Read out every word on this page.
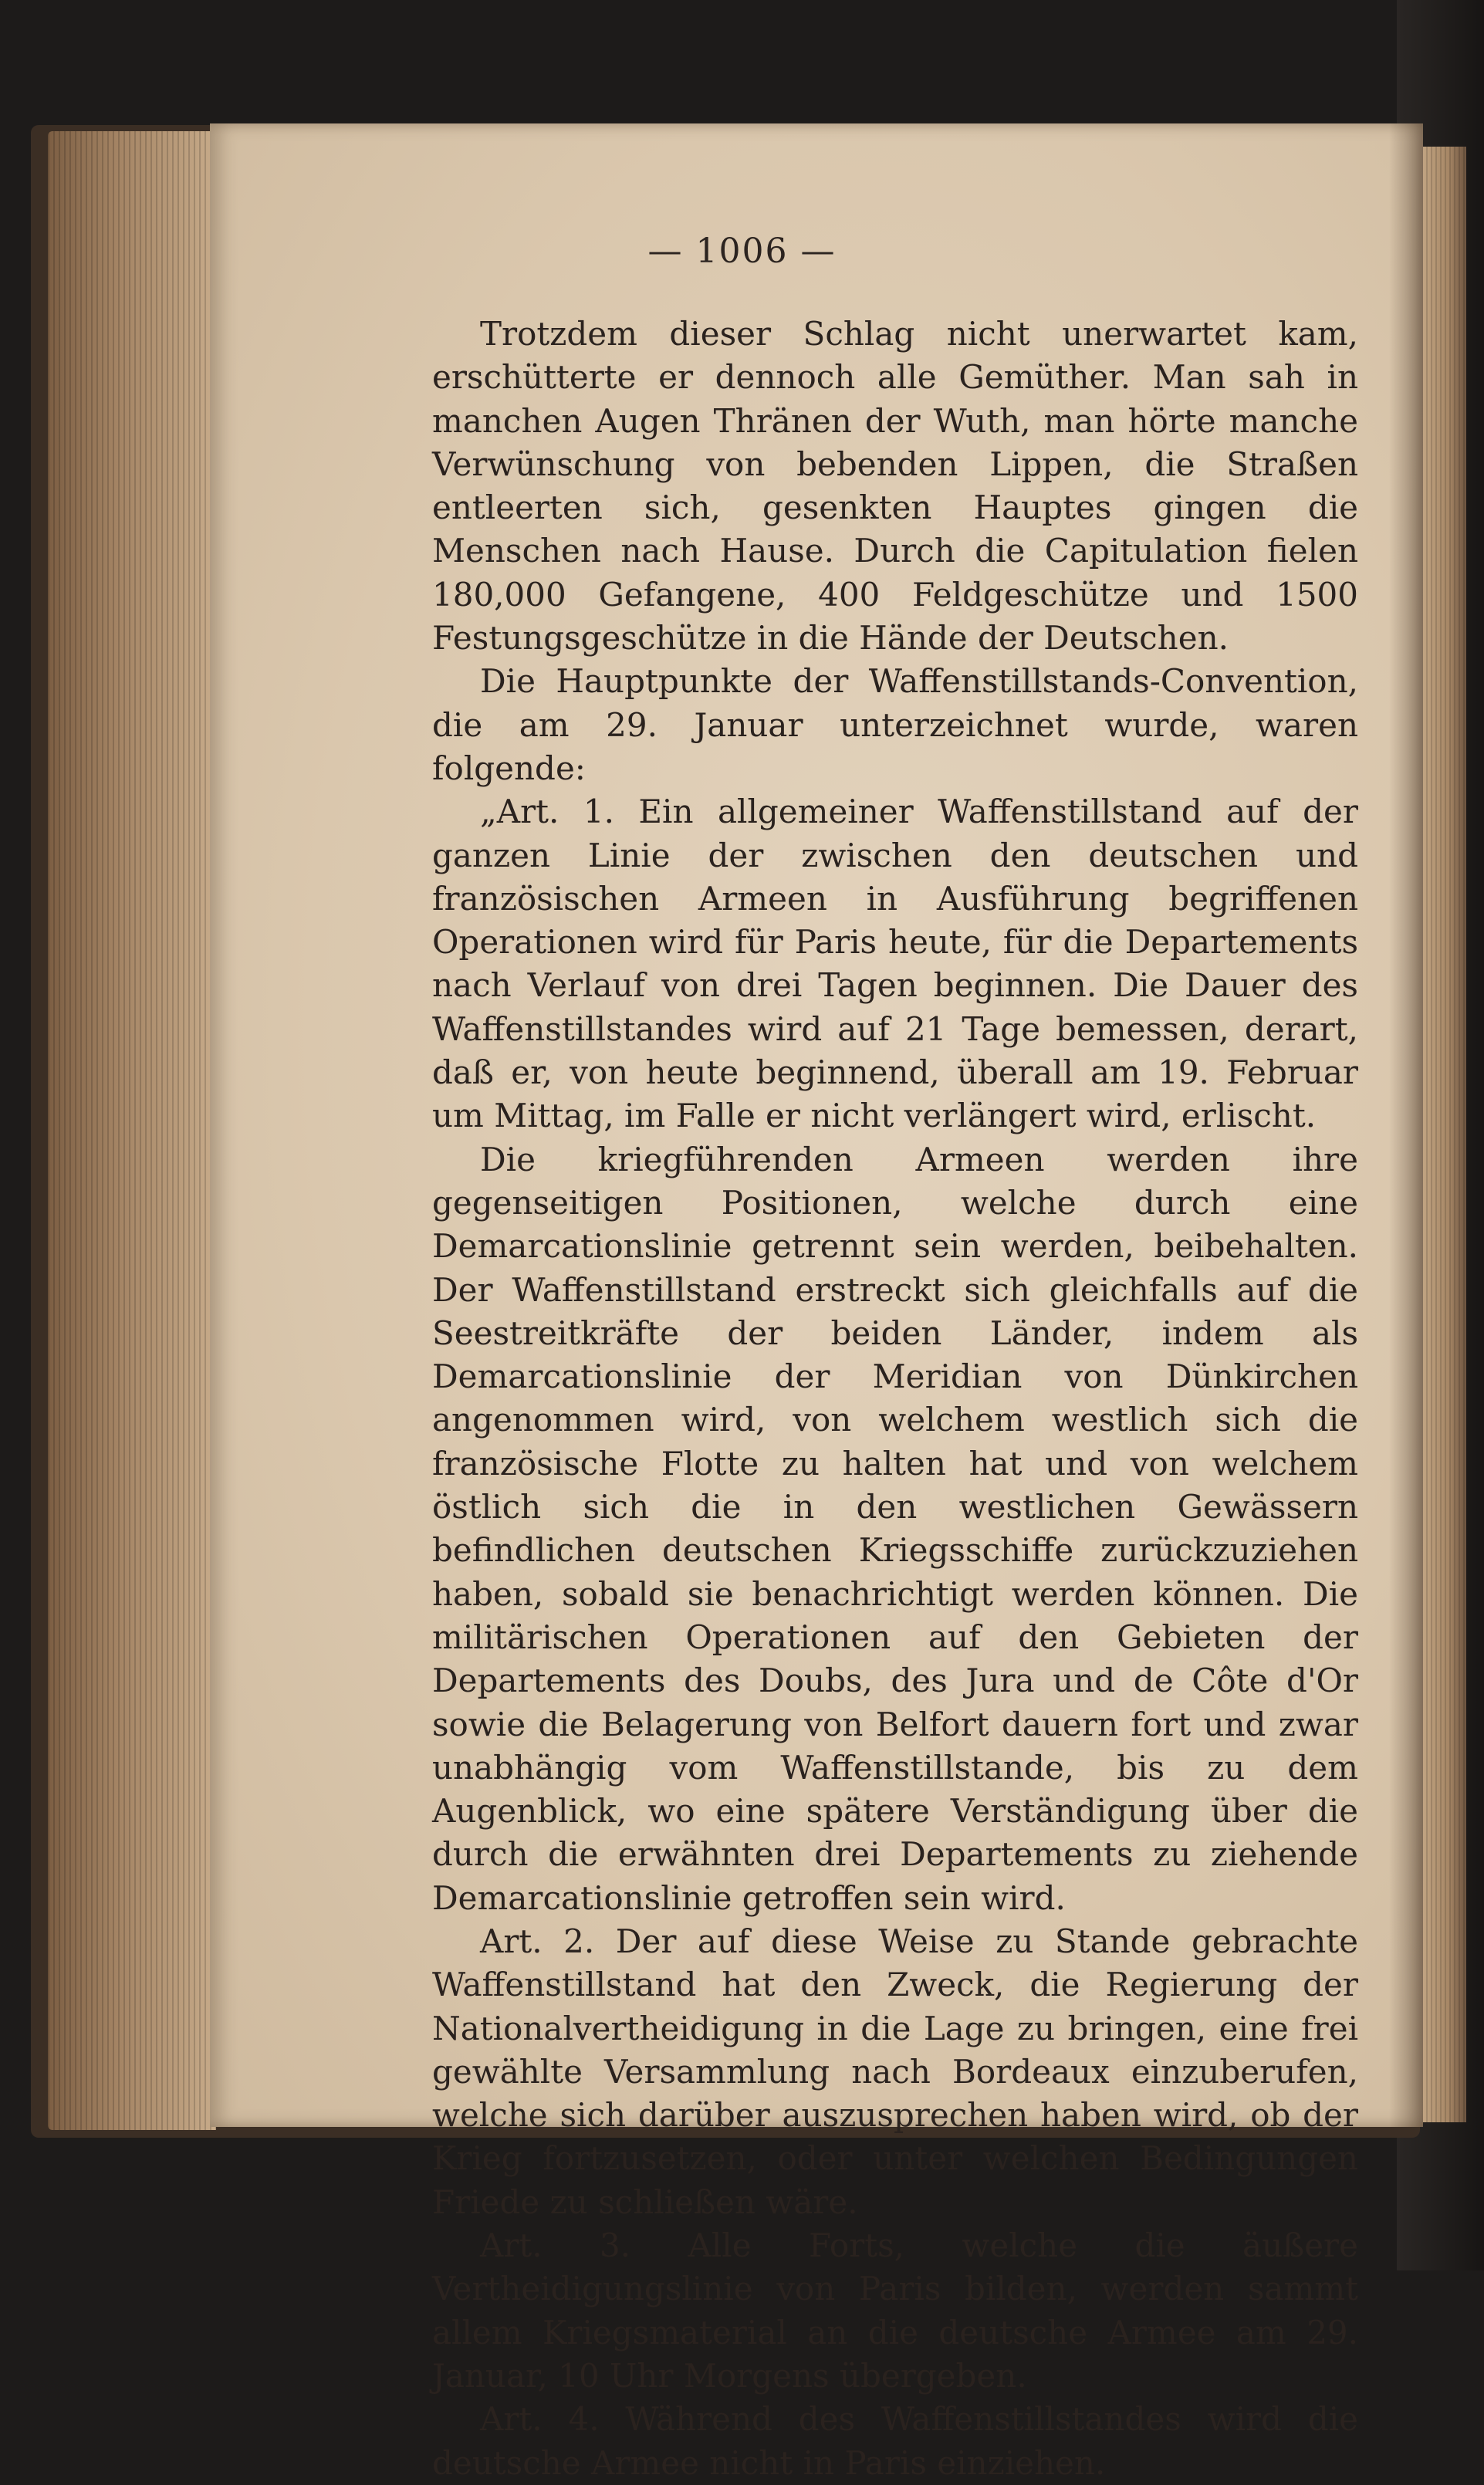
— 1006 —

Trotzdem dieser Schlag nicht unerwartet kam, erschütterte er dennoch alle Gemüther. Man sah in manchen Augen Thränen der Wuth, man hörte manche Verwünschung von bebenden Lippen, die Straßen entleerten sich, gesenkten Hauptes gingen die Menschen nach Hause. Durch die Capitulation fielen 180,000 Gefangene, 400 Feldgeschütze und 1500 Festungsgeschütze in die Hände der Deutschen.

Die Hauptpunkte der Waffenstillstands-Convention, die am 29. Januar unterzeichnet wurde, waren folgende:

„Art. 1. Ein allgemeiner Waffenstillstand auf der ganzen Linie der zwischen den deutschen und französischen Armeen in Ausführung begriffenen Operationen wird für Paris heute, für die Departements nach Verlauf von drei Tagen beginnen. Die Dauer des Waffenstillstandes wird auf 21 Tage bemessen, derart, daß er, von heute beginnend, überall am 19. Februar um Mittag, im Falle er nicht verlängert wird, erlischt.

Die kriegführenden Armeen werden ihre gegenseitigen Positionen, welche durch eine Demarcationslinie getrennt sein werden, beibehalten. Der Waffenstillstand erstreckt sich gleichfalls auf die Seestreitkräfte der beiden Länder, indem als Demarcationslinie der Meridian von Dünkirchen angenommen wird, von welchem westlich sich die französische Flotte zu halten hat und von welchem östlich sich die in den westlichen Gewässern befindlichen deutschen Kriegsschiffe zurückzuziehen haben, sobald sie benachrichtigt werden können. Die militärischen Operationen auf den Gebieten der Departements des Doubs, des Jura und de Côte d'Or sowie die Belagerung von Belfort dauern fort und zwar unabhängig vom Waffenstillstande, bis zu dem Augenblick, wo eine spätere Verständigung über die durch die erwähnten drei Departements zu ziehende Demarcationslinie getroffen sein wird.

Art. 2. Der auf diese Weise zu Stande gebrachte Waffenstillstand hat den Zweck, die Regierung der Nationalvertheidigung in die Lage zu bringen, eine frei gewählte Versammlung nach Bordeaux einzuberufen, welche sich darüber auszusprechen haben wird, ob der Krieg fortzusetzen, oder unter welchen Bedingungen Friede zu schließen wäre.

Art. 3. Alle Forts, welche die äußere Vertheidigungslinie von Paris bilden, werden sammt allem Kriegsmaterial an die deutsche Armee am 29. Januar, 10 Uhr Morgens übergeben.

Art. 4. Während des Waffenstillstandes wird die deutsche Armee nicht in Paris einziehen.
